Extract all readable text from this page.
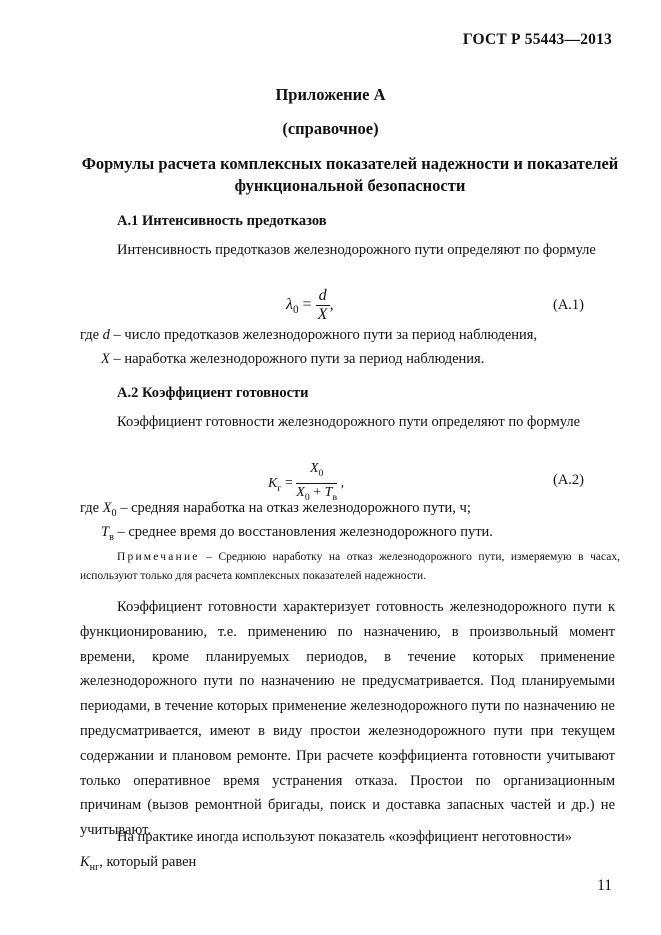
ГОСТ Р 55443—2013
Приложение А
(справочное)
Формулы расчета комплексных показателей надежности и показателей функциональной безопасности
А.1 Интенсивность предотказов
Интенсивность предотказов железнодорожного пути определяют по формуле
$\lambda_0 = \frac{d}{X}$ ,	(А.1)
где d – число предотказов железнодорожного пути за период наблюдения,
X – наработка железнодорожного пути за период наблюдения.
А.2 Коэффициент готовности
Коэффициент готовности железнодорожного пути определяют по формуле
$K_г = \frac{X_0}{X_0 + T_в}$ ,	(А.2)
где $X_0$ – средняя наработка на отказ железнодорожного пути, ч;
$T_в$ – среднее время до восстановления железнодорожного пути.
Примечание – Среднюю наработку на отказ железнодорожного пути, измеряемую в часах, используют только для расчета комплексных показателей надежности.
Коэффициент готовности характеризует готовность железнодорожного пути к функционированию, т.е. применению по назначению, в произвольный момент времени, кроме планируемых периодов, в течение которых применение железнодорожного пути по назначению не предусматривается. Под планируемыми периодами, в течение которых применение железнодорожного пути по назначению не предусматривается, имеют в виду простои железнодорожного пути при текущем содержании и плановом ремонте. При расчете коэффициента готовности учитывают только оперативное время устранения отказа. Простои по организационным причинам (вызов ремонтной бригады, поиск и доставка запасных частей и др.) не учитывают.
На практике иногда используют показатель «коэффициент неготовности»
$K_{нг}$, который равен
11
